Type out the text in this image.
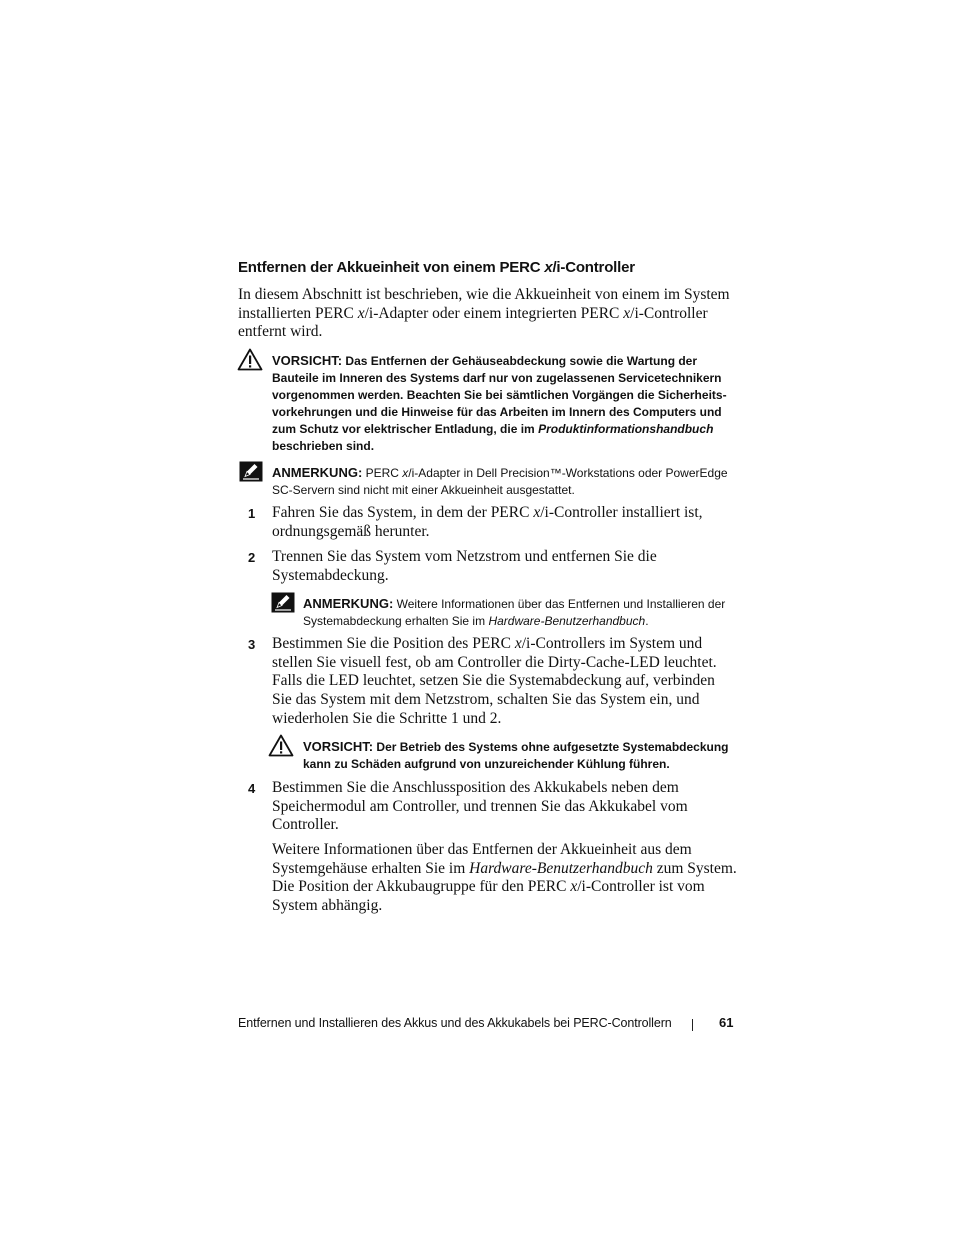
Entfernen der Akkueinheit von einem PERC x/i-Controller
In diesem Abschnitt ist beschrieben, wie die Akkueinheit von einem im System installierten PERC x/i-Adapter oder einem integrierten PERC x/i-Controller entfernt wird.
VORSICHT: Das Entfernen der Gehäuseabdeckung sowie die Wartung der Bauteile im Inneren des Systems darf nur von zugelassenen Servicetechnikern vorgenommen werden. Beachten Sie bei sämtlichen Vorgängen die Sicherheits-vorkehrungen und die Hinweise für das Arbeiten im Innern des Computers und zum Schutz vor elektrischer Entladung, die im Produktinformationshandbuch beschrieben sind.
ANMERKUNG: PERC x/i-Adapter in Dell Precision™-Workstations oder PowerEdge SC-Servern sind nicht mit einer Akkueinheit ausgestattet.
1 Fahren Sie das System, in dem der PERC x/i-Controller installiert ist, ordnungsgemäß herunter.
2 Trennen Sie das System vom Netzstrom und entfernen Sie die Systemabdeckung.
ANMERKUNG: Weitere Informationen über das Entfernen und Installieren der Systemabdeckung erhalten Sie im Hardware-Benutzerhandbuch.
3 Bestimmen Sie die Position des PERC x/i-Controllers im System und stellen Sie visuell fest, ob am Controller die Dirty-Cache-LED leuchtet. Falls die LED leuchtet, setzen Sie die Systemabdeckung auf, verbinden Sie das System mit dem Netzstrom, schalten Sie das System ein, und wiederholen Sie die Schritte 1 und 2.
VORSICHT: Der Betrieb des Systems ohne aufgesetzte Systemabdeckung kann zu Schäden aufgrund von unzureichender Kühlung führen.
4 Bestimmen Sie die Anschlussposition des Akkukabels neben dem Speichermodul am Controller, und trennen Sie das Akkukabel vom Controller.
Weitere Informationen über das Entfernen der Akkueinheit aus dem Systemgehäuse erhalten Sie im Hardware-Benutzerhandbuch zum System. Die Position der Akkubaugruppe für den PERC x/i-Controller ist vom System abhängig.
Entfernen und Installieren des Akkus und des Akkukabels bei PERC-Controllern	61
